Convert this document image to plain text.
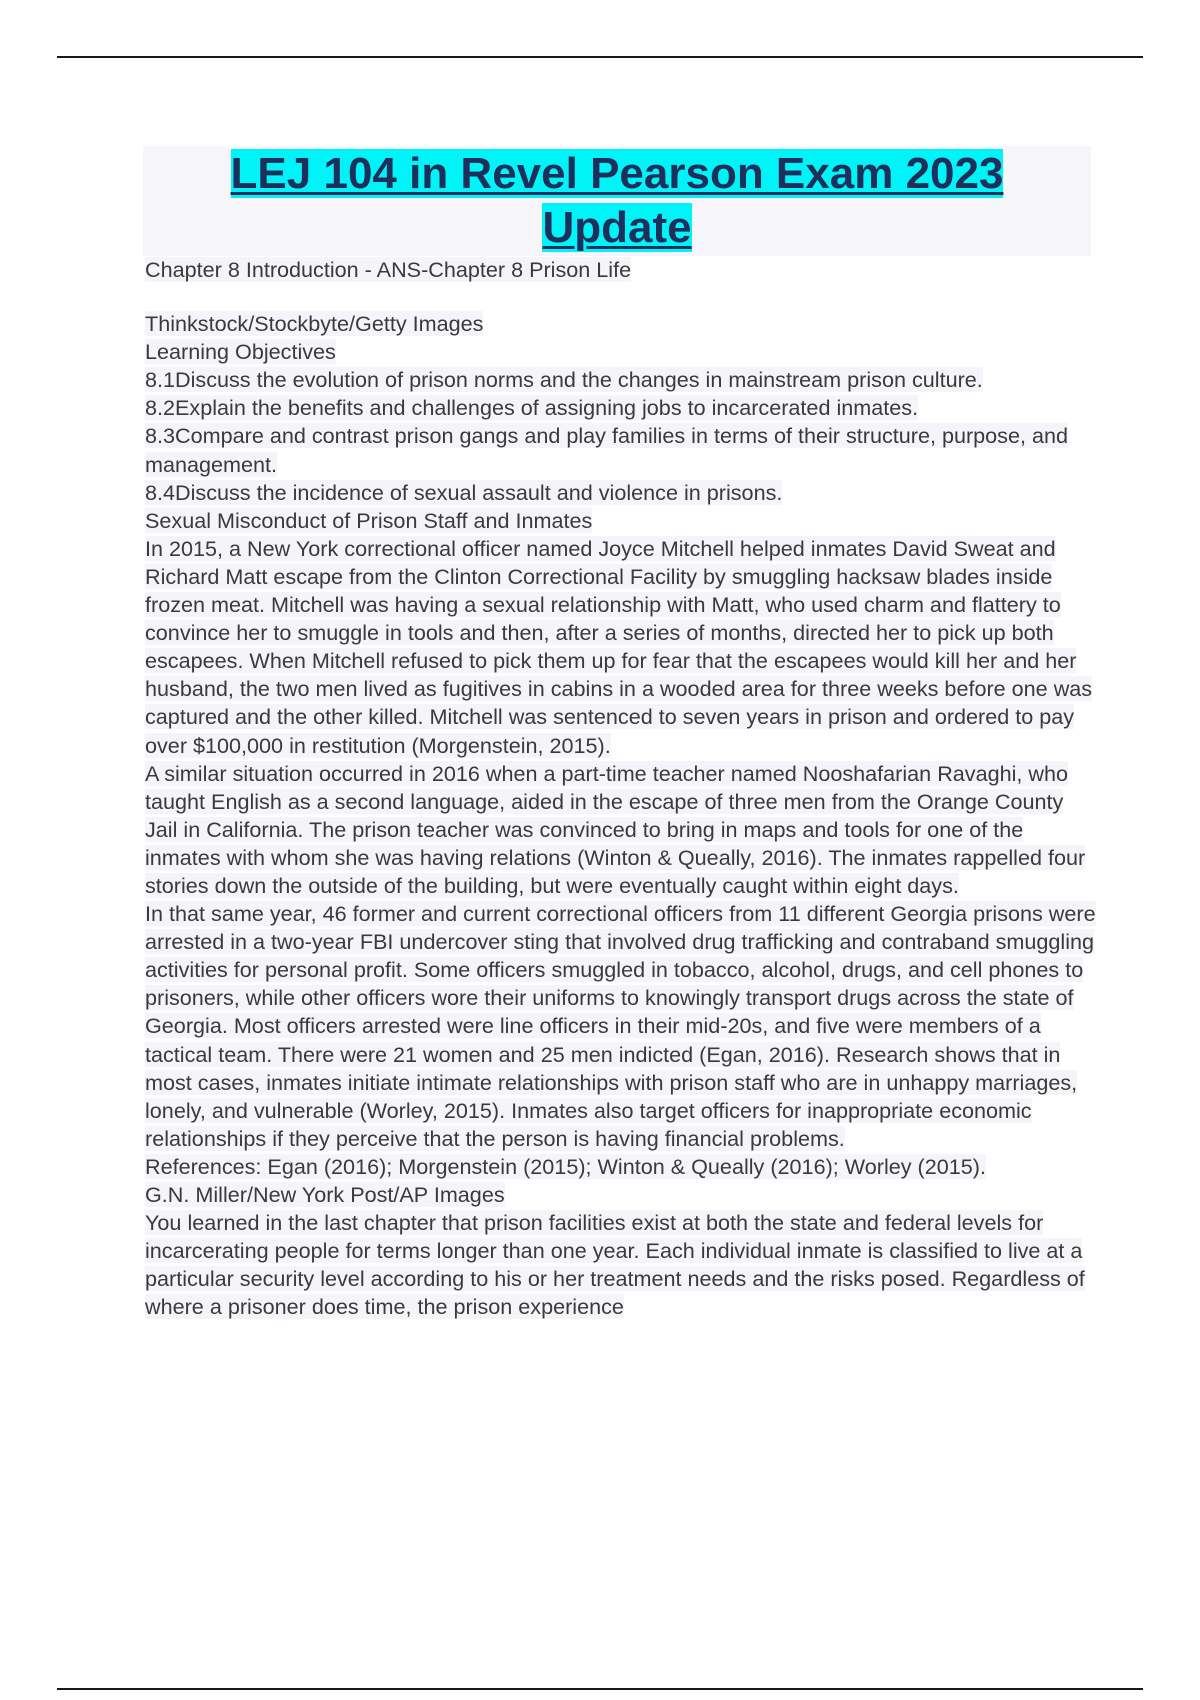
LEJ 104 in Revel Pearson Exam 2023
Update
Chapter 8 Introduction - ANS-Chapter 8 Prison Life
Thinkstock/Stockbyte/Getty Images
Learning Objectives
8.1Discuss the evolution of prison norms and the changes in mainstream prison culture.
8.2Explain the benefits and challenges of assigning jobs to incarcerated inmates.
8.3Compare and contrast prison gangs and play families in terms of their structure, purpose, and management.
8.4Discuss the incidence of sexual assault and violence in prisons.
Sexual Misconduct of Prison Staff and Inmates
In 2015, a New York correctional officer named Joyce Mitchell helped inmates David Sweat and Richard Matt escape from the Clinton Correctional Facility by smuggling hacksaw blades inside frozen meat. Mitchell was having a sexual relationship with Matt, who used charm and flattery to convince her to smuggle in tools and then, after a series of months, directed her to pick up both escapees. When Mitchell refused to pick them up for fear that the escapees would kill her and her husband, the two men lived as fugitives in cabins in a wooded area for three weeks before one was captured and the other killed. Mitchell was sentenced to seven years in prison and ordered to pay over $100,000 in restitution (Morgenstein, 2015).
A similar situation occurred in 2016 when a part-time teacher named Nooshafarian Ravaghi, who taught English as a second language, aided in the escape of three men from the Orange County Jail in California. The prison teacher was convinced to bring in maps and tools for one of the inmates with whom she was having relations (Winton & Queally, 2016). The inmates rappelled four stories down the outside of the building, but were eventually caught within eight days.
In that same year, 46 former and current correctional officers from 11 different Georgia prisons were arrested in a two-year FBI undercover sting that involved drug trafficking and contraband smuggling activities for personal profit. Some officers smuggled in tobacco, alcohol, drugs, and cell phones to prisoners, while other officers wore their uniforms to knowingly transport drugs across the state of Georgia. Most officers arrested were line officers in their mid-20s, and five were members of a tactical team. There were 21 women and 25 men indicted (Egan, 2016). Research shows that in most cases, inmates initiate intimate relationships with prison staff who are in unhappy marriages, lonely, and vulnerable (Worley, 2015). Inmates also target officers for inappropriate economic relationships if they perceive that the person is having financial problems.
References: Egan (2016); Morgenstein (2015); Winton & Queally (2016); Worley (2015).
G.N. Miller/New York Post/AP Images
You learned in the last chapter that prison facilities exist at both the state and federal levels for incarcerating people for terms longer than one year. Each individual inmate is classified to live at a particular security level according to his or her treatment needs and the risks posed. Regardless of where a prisoner does time, the prison experience
